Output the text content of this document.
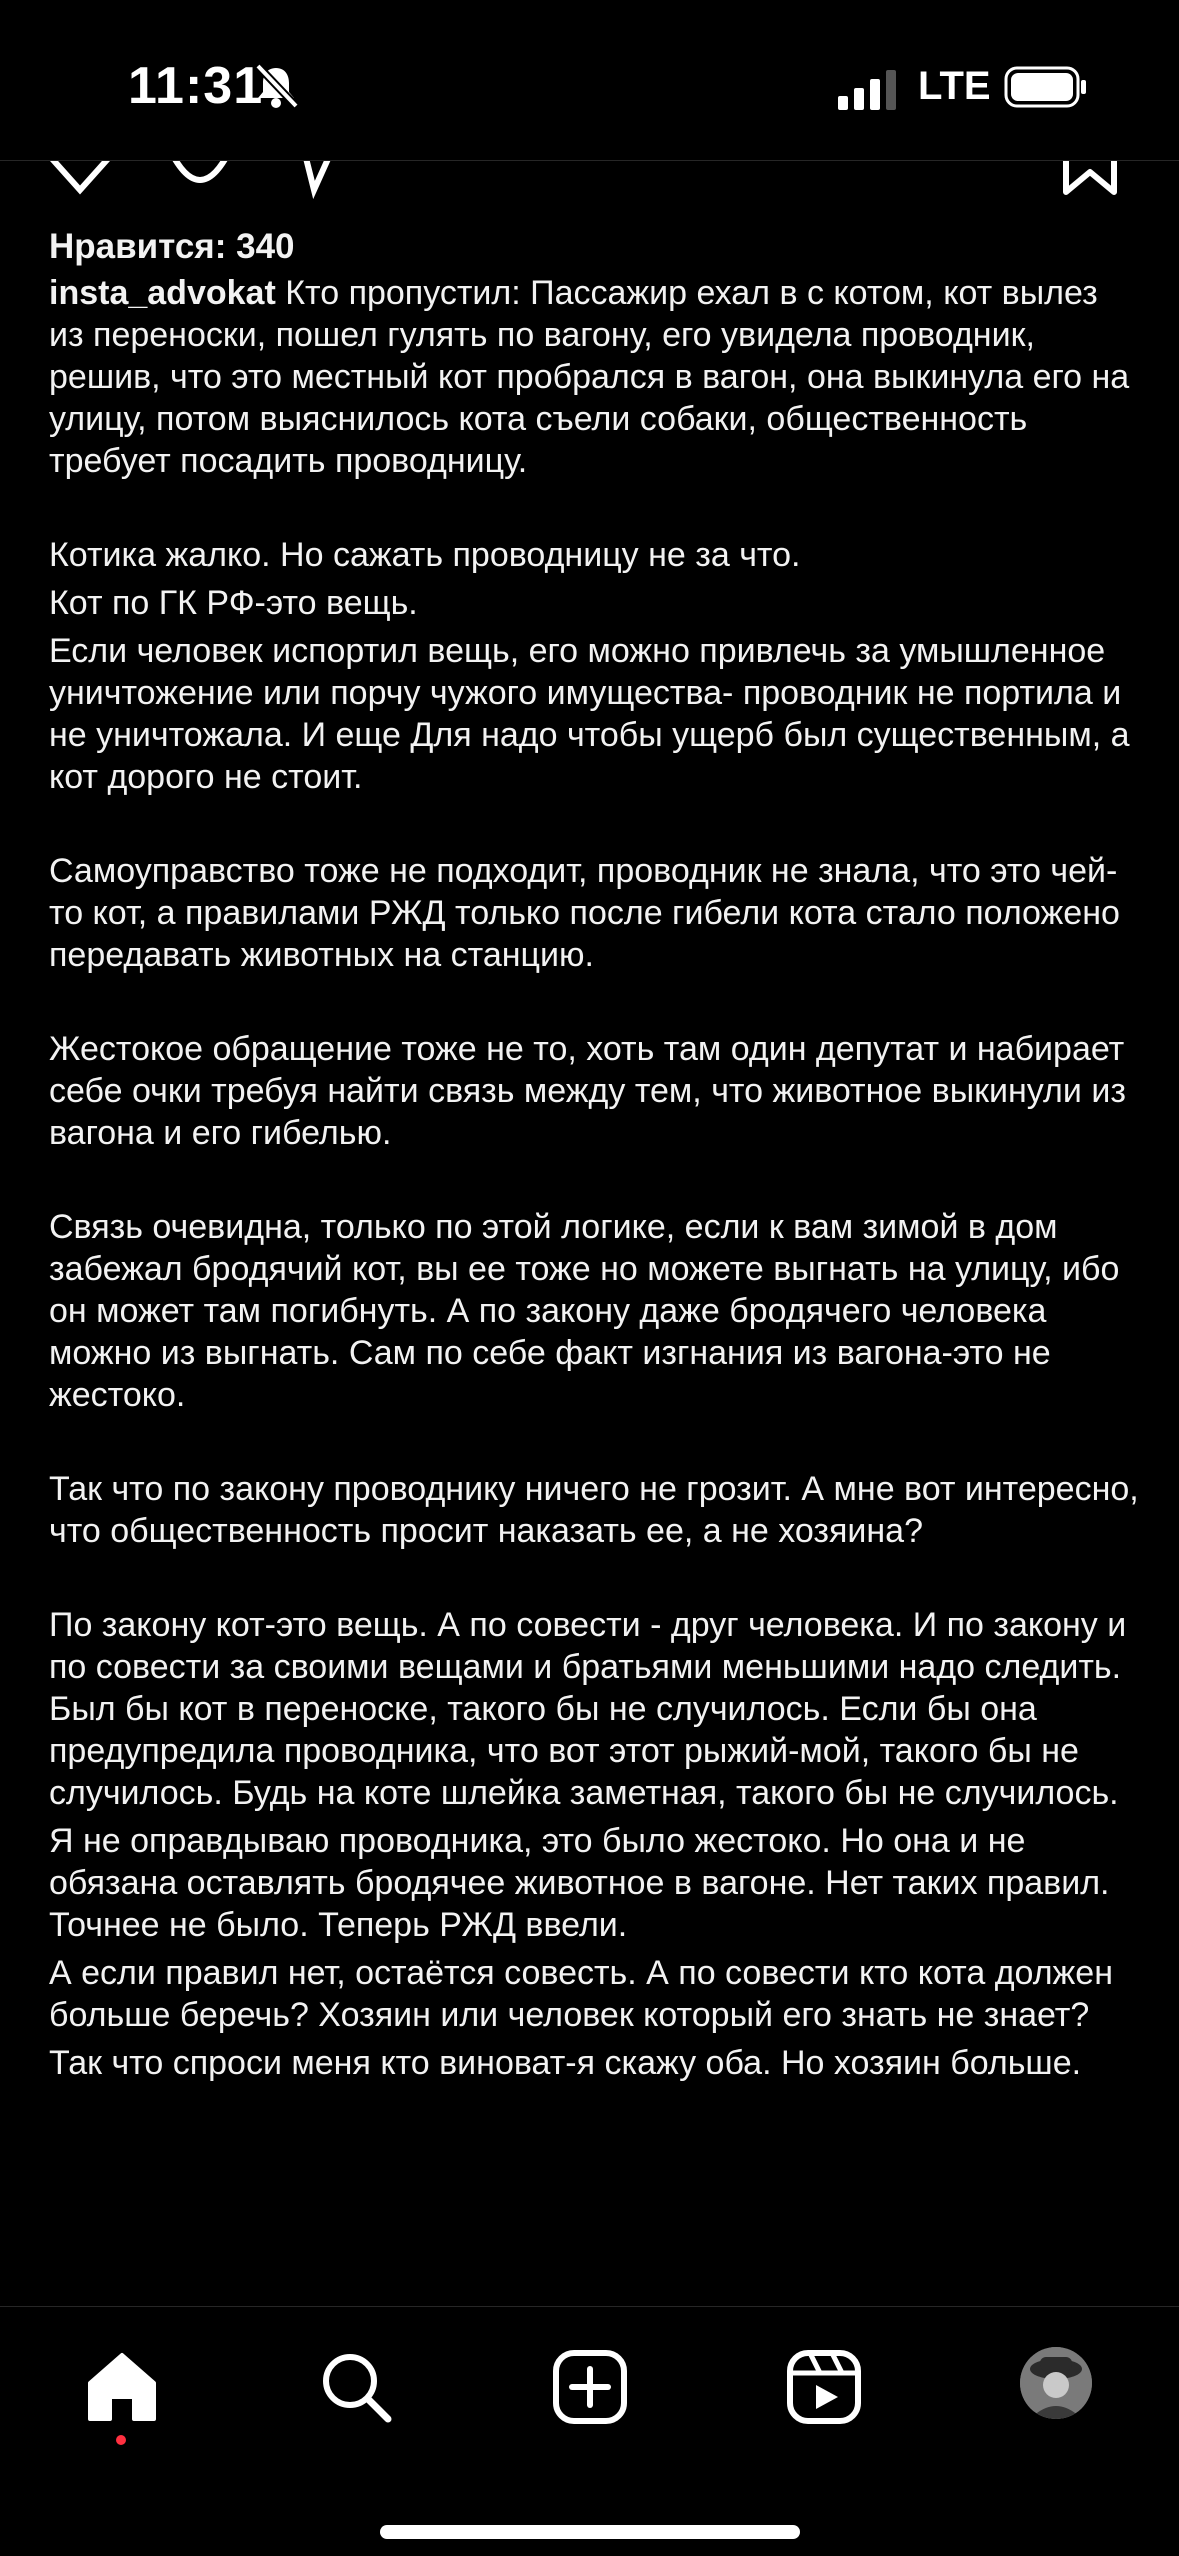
11:31	LTE
Нравится: 340

insta_advokat Кто пропустил: Пассажир ехал в с котом, кот вылез из переноски, пошел гулять по вагону, его увидела проводник, решив, что это местный кот пробрался в вагон, она выкинула его на улицу, потом выяснилось кота съели собаки, общественность требует посадить проводницу.

Котика жалко. Но сажать проводницу не за что.

Кот по ГК РФ-это вещь.

Если человек испортил вещь, его можно привлечь за умышленное уничтожение или порчу чужого имущества- проводник не портила и не уничтожала. И еще Для надо чтобы ущерб был существенным, а кот дорого не стоит.

Самоуправство тоже не подходит, проводник не знала, что это чей-то кот, а правилами РЖД только после гибели кота стало положено передавать животных на станцию.

Жестокое обращение тоже не то, хоть там один депутат и набирает себе очки требуя найти связь между тем, что животное выкинули из вагона и его гибелью.

Связь очевидна, только по этой логике, если к вам зимой в дом забежал бродячий кот, вы ее тоже но можете выгнать на улицу, ибо он может там погибнуть. А по закону даже бродячего человека можно из выгнать. Сам по себе факт изгнания из вагона-это не жестоко.

Так что по закону проводнику ничего не грозит. А мне вот интересно, что общественность просит наказать ее, а не хозяина?

По закону кот-это вещь. А по совести - друг человека. И по закону и по совести за своими вещами и братьями меньшими надо следить. Был бы кот в переноске, такого бы не случилось. Если бы она предупредила проводника, что вот этот рыжий-мой, такого бы не случилось. Будь на коте шлейка заметная, такого бы не случилось.

Я не оправдываю проводника, это было жестоко. Но она и не обязана оставлять бродячее животное в вагоне. Нет таких правил. Точнее не было. Теперь РЖД ввели.

А если правил нет, остаётся совесть. А по совести кто кота должен больше беречь? Хозяин или человек который его знать не знает?

Так что спроси меня кто виноват-я скажу оба. Но хозяин больше.
